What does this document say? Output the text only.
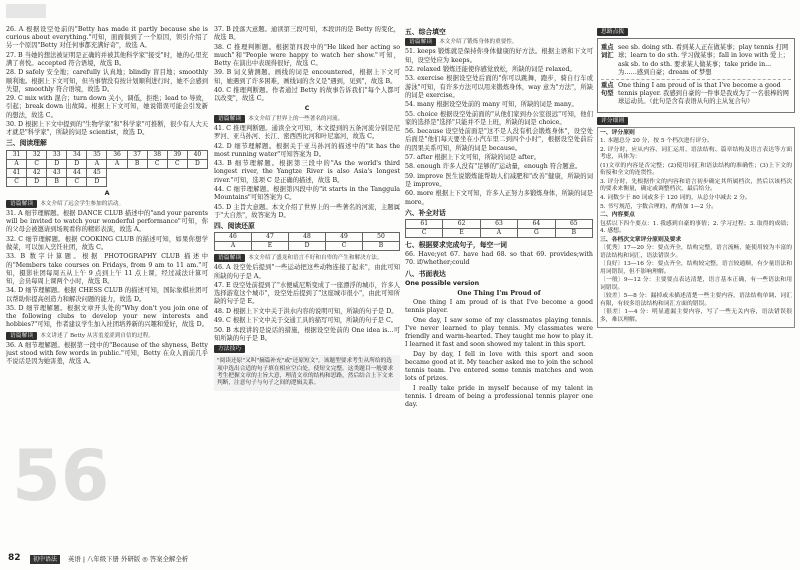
26. A 根据设空处前的"Betty has made it partly because she is curious about everything."可知，面面俱到了一个原因，领引介绍了另一个原因"Betty 对任何事都充满好奇"，故选 A。

27. B 当她的想法被证明是正确的并被其他科学家"接受"时，她的心里充满了喜悦。accepted 符合语境，故选 B。

28. D safely 安全地；carefully 认真地；blindly 盲目地；smoothly 顺利地。根据上下文可知，但当事情没有按计划顺利进行时，她不会感到失望，smoothly 符合语境，故选 D。

29. C mix with 混合；turn down 关小，调低，拒绝；lead to 导致，引起；break down 出故障。根据上下文可知，她说错误可能会引发新的想法，故选 C。

30. D 根据上下文中提到的"生物学家"和"科学家"可推断，很少有人大天才就是"科学家"，所缺的词是 scientist，故选 D。

三、阅读理解
31	32	33	34	35	36	37	38	39	40
A	C	D	D	A	A	B	C	C	D
41	42	43	44	45					
C	D	B	C	D					
A
语篇解读 本文介绍了远会学生参加的活动。

31. A 细节理解题。根据 DANCE CLUB 描述中的"and your parents will be invited to watch your wonderful performance"可知，你的父母会被邀请到场观看你的精彩表演，故选 A。

32. C 细节理解题。根据 COOKING CLUB 的描述可知，如果你想学做菜，可以加入烹饪社团，故选 C。

33. B 数字计算题。根据 PHOTOGRAPHY CLUB 描述中的"Members take courses on Fridays, from 9 am to 11 am."可知，摄影社团每周五从上午 9 点到上午 11 点上课，经过减法计算可知，会员每周上课两个小时，故选 B。

34. D 细节理解题。根据 CHESS CLUB 的描述可知，国际象棋社团可以帮助你提高创造力和解决问题的能力，故选 D。

35. D 细节理解题。根据文章开头处的"Why don't you join one of the following clubs to develop your new interests and hobbies?"可知，作者建议学生加入社团培养新的兴趣和爱好，故选 D。

语篇解读 本文讲述了 Betty 从害羞羞涩到自信的过程。

36. A 细节理解题。根据第一段中的"Because of the shyness, Betty just stood with few words in public."可知，Betty 在众人面前几乎不说话是因为她害羞，故选 A。

37. B 段落大意题。通读第三段可知，本段讲的是 Betty 的变化，故选 B。

38. C 推理判断题。根据第四段中的"He liked her acting so much"和"People were happy to watch her show."可知，Betty 在演出中表现得很好，故选 C。

39. B 词义猜测题。画线的词是 encountered，根据上下文可知，她遇到了许多困难，画线词的含义是"遇到，见到"，故选 B。

40. C 推理判断题。作者通过 Betty 的故事告诉我们"每个人都可以改变"，故选 C。

C
语篇解读 本文介绍了世界上的一些著名的河流。

41. C 推理判断题。通读全文可知，本文提到的五条河流分别是尼罗河、亚马孙河、长江、密西西比河和叶尼塞河，故选 C。

42. D 细节理解题。根据关于亚马孙河的描述中的"it has the most running water"可知答案为 D。

43. B 细节理解题。根据第三段中的"As the world's third longest river, the Yangtze River is also Asia's longest river."可知，选项 C 是正确的描述，故选 B。

44. C 细节理解题。根据第四段中的"it starts in the Tanggula Mountains"可知答案为 C。

45. D 主旨大意题。本文介绍了世界上的一些著名的河流，主题属于"大自然"，故答案为 D。

四、阅读还原
46	47	48	49	50
A	E	D	C	B
语篇解读 本文介绍了盛龙和语言不好和自卑的产生和解决方法。

46. A 设空处后提到"一些运动把这些动物连接了起来"，由此可知所缺的句子是 A。

47. E 设空处前提到了"水便威尼斯变成了一座漂浮的城市，许多人选择游览这个城市"，设空处后提到了"这座城市很小"，由此可知所缺的句子是 E。

48. D 根据上下文中关于洪水内容的说明可知，所缺的句子是 D。

49. C 根据上下文中关于交通工具的描写可知，所缺的句子是 C。

50. B 本段讲的是说话的措施，根据设空处前的 One idea is...可知所缺的句子是 B。

方法技巧
"阅读还原"又叫"摘篇补充"或"还原短文"，该题型要求考生从所给的选项中选出合适的句子填在相应空白处，使短文完整。这类题目一般要求考生把握文章的主旨大意，理清文章的结构和思路，然后结合上下文来判断，注意句子与句子之间的逻辑关系。
五、综合填空
语篇解读 本文介绍了锻炼身体的重要性。

51. keeps 锻炼就是保持你身体健康的好方法。根据主语和下文可知，设空处应为 keeps。

52. relaxed 锻炼还能使你感觉放松，所缺的词是 relaxed。

53. exercise 根据设空处后面的"你可以跳舞，跑步，骑自行车或游泳"可知，有许多方法可以用来锻炼身体，way 意为"方法"，所缺的词是 exercise。

54. many 根据设空处前的 many 可知，所缺的词是 many。

55. choice 根据设空处前面的"从他们家到办公室很远"可知，他们家的选择是"选择"只能并不是上班，所缺的词是 choice。

56. because 设空处前面是"这不是人没有机会锻炼身体"，设空处后面是"他们每天要坐在小汽车里二到四个小时"，根据设空处前后的因果关系可知，所缺的词是 because。

57. after 根据上下文可知，所缺的词是 after。

58. enough 许多人没有"足够的"运动量，enough 符合题意。

59. improve 医生说锻炼能帮助人们减肥和"改善"健康，所缺的词是 improve。

60. more 根据上下文可知，许多人正努力多锻炼身体，所缺的词是 more。

六、补全对话
61	62	63	64	65
C	E	A	G	B
七、根据要求完成句子，每空一词

66. Have;yet 67. have had 68. so that 69. provides;with 70. if/whether;could

八、书面表达
One possible version
One Thing I'm Proud of

One thing I am proud of is that I've become a good tennis player.

One day, I saw some of my classmates playing tennis. I've never learned to play tennis. My classmates were friendly and warm-hearted. They taught me how to play it. I learned it fast and soon showed my talent in this sport.

Day by day, I fell in love with this sport and soon became good at it. My teacher asked me to join the school tennis team. I've entered some tennis matches and won lots of prizes.

I really take pride in myself because of my talent in tennis. I dream of being a professional tennis player one day.

思路点拨
重点词汇
see sb. doing sth. 看到某人正在做某事；play tennis 打网球；learn to do sth. 学习做某事；fall in love with 爱上；ask sb. to do sth. 要求某人做某事；take pride in... 为……感到自豪；dream of 梦想
重点句型
One thing I am proud of is that I've become a good tennis player. 我感到自豪的一件事是我成为了一名很棒的网球运动员。（此句是含有表语从句的主从复合句）
评分细则

一、评分原则

1. 本题总分 20 分，按 5 个档次进行评分。

2. 评分时，应从内容、词汇运用、语法结构、篇章结构及语言表达等方面考虑，具体为：

(1)文章的内容是否完整；(2)使用词汇和语法结构的准确性；(3)上下文的衔接和全文的连贯性。

3. 评分时，先根据作文的内容和语言初步确定其所属档次，然后以该档次的要求来衡量，确定或调整档次，最后给分。

4. 词数少于 80 词或多于 120 词的，从总分中减去 2 分。

5. 书写规范，字数合理的，酌情加 1—2 分。

二、内容要点

包括以下四个要点：1. 我感到自豪的事情；2. 学习过程；3. 取得的成绩；4. 感想。

三、各档次文章评分原则及要求

〔优秀〕17—20 分：要点齐全，结构完整，语言流畅，能使用较为丰富的语法结构和词汇，语法错误少。

〔良好〕13—16 分：要点齐全，结构较完整，语言较通顺，有少量语法和用词错误，但不影响理解。

〔一般〕9—12 分：主要要点表达清楚，语言基本正确，有一些语法和用词错误。

〔较差〕5—8 分：漏掉或未描述清楚一些主要内容，语法结构单调、词汇有限，有较多语法结构和词汇方面的错误。

〔很差〕1—4 分：明显遗漏主要内容，写了一些无关内容，语法错误很多，难以理解。

56
82	初中语法	英语 | 八年级下册 外研版 ◎ 答案全解全析
